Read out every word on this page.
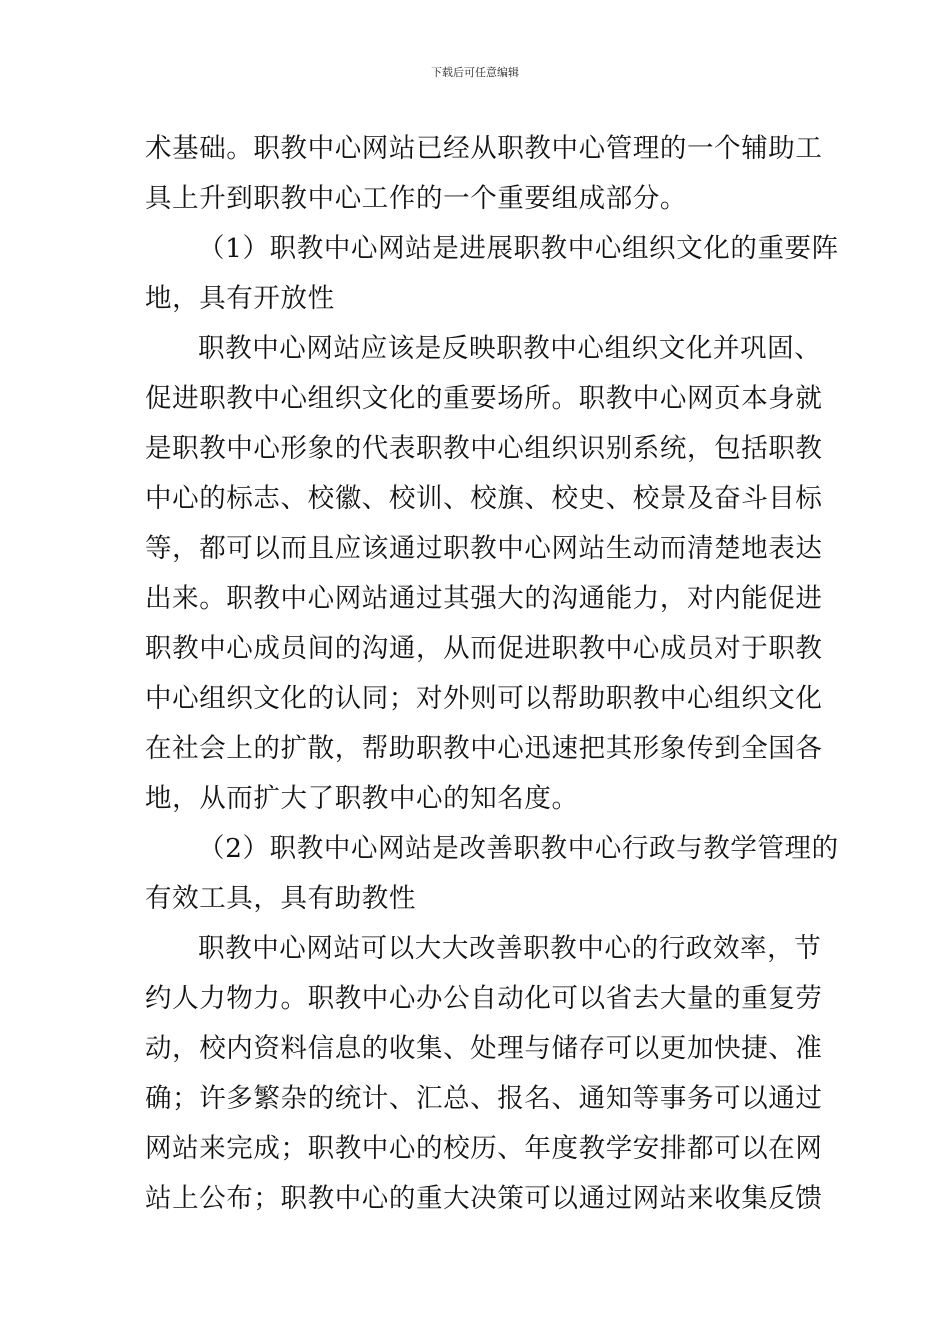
下载后可任意编辑
术基础。职教中心网站已经从职教中心管理的一个辅助工
具上升到职教中心工作的一个重要组成部分。
（1）职教中心网站是进展职教中心组织文化的重要阵
地，具有开放性
职教中心网站应该是反映职教中心组织文化并巩固、
促进职教中心组织文化的重要场所。职教中心网页本身就
是职教中心形象的代表职教中心组织识别系统，包括职教
中心的标志、校徽、校训、校旗、校史、校景及奋斗目标
等，都可以而且应该通过职教中心网站生动而清楚地表达
出来。职教中心网站通过其强大的沟通能力，对内能促进
职教中心成员间的沟通，从而促进职教中心成员对于职教
中心组织文化的认同；对外则可以帮助职教中心组织文化
在社会上的扩散，帮助职教中心迅速把其形象传到全国各
地，从而扩大了职教中心的知名度。
（2）职教中心网站是改善职教中心行政与教学管理的
有效工具，具有助教性
职教中心网站可以大大改善职教中心的行政效率，节
约人力物力。职教中心办公自动化可以省去大量的重复劳
动，校内资料信息的收集、处理与储存可以更加快捷、准
确；许多繁杂的统计、汇总、报名、通知等事务可以通过
网站来完成；职教中心的校历、年度教学安排都可以在网
站上公布；职教中心的重大决策可以通过网站来收集反馈
